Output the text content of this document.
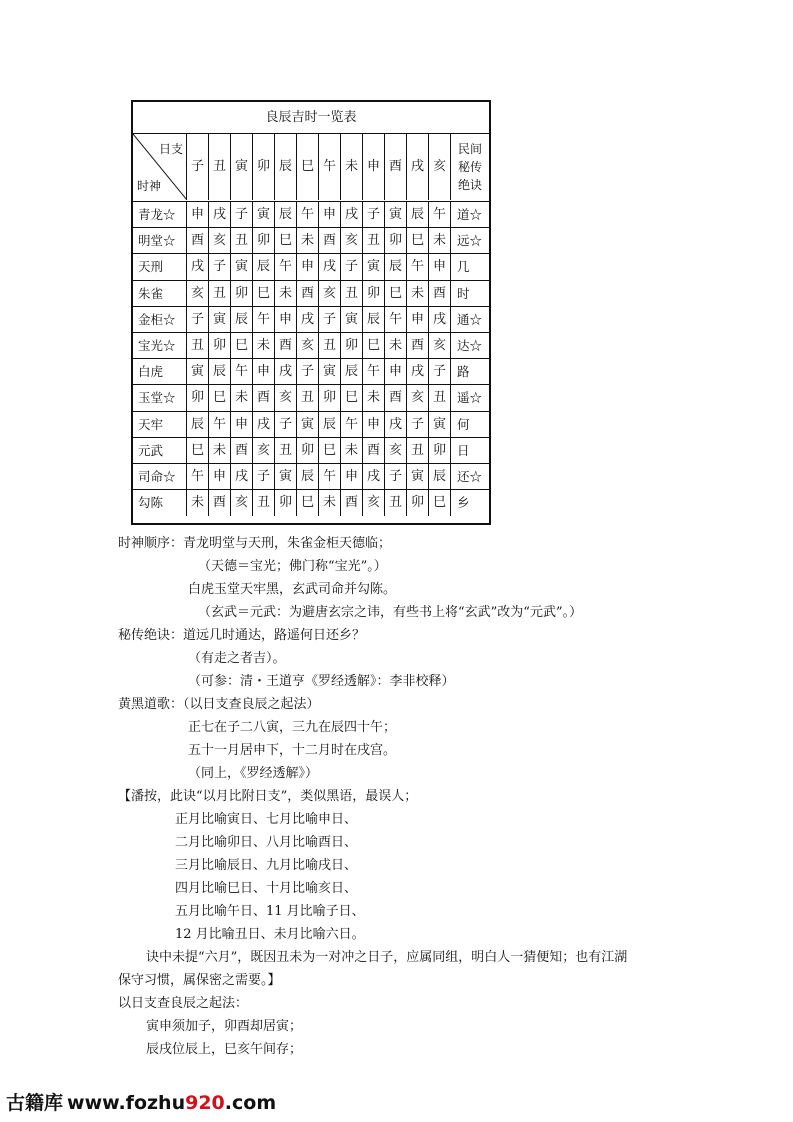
良辰吉时一览表
日支
时神
子 丑 寅 卯 辰 巳 午 未 申 酉 戌 亥
民间
秘传
绝诀
青龙☆	申 戌 子 寅 辰 午 申 戌 子 寅 辰 午 道☆
明堂☆	酉 亥 丑 卯 巳 未 酉 亥 丑 卯 巳 未 远☆
天刑	戌 子 寅 辰 午 申 戌 子 寅 辰 午 申 几
朱雀	亥 丑 卯 巳 未 酉 亥 丑 卯 巳 未 酉 时
金柜☆	子 寅 辰 午 申 戌 子 寅 辰 午 申 戌 通☆
宝光☆	丑 卯 巳 未 酉 亥 丑 卯 巳 未 酉 亥 达☆
白虎	寅 辰 午 申 戌 子 寅 辰 午 申 戌 子 路
玉堂☆	卯 巳 未 酉 亥 丑 卯 巳 未 酉 亥 丑 遥☆
天牢	辰 午 申 戌 子 寅 辰 午 申 戌 子 寅 何
元武	巳 未 酉 亥 丑 卯 巳 未 酉 亥 丑 卯 日
司命☆	午 申 戌 子 寅 辰 午 申 戌 子 寅 辰 还☆
勾陈	未 酉 亥 丑 卯 巳 未 酉 亥 丑 卯 巳 乡
时神顺序：青龙明堂与天刑，朱雀金柜天德临；
（天德＝宝光；佛门称“宝光”。）
白虎玉堂天牢黑，玄武司命并勾陈。
（玄武＝元武：为避唐玄宗之讳，有些书上将“玄武”改为“元武”。）
秘传绝诀：道远几时通达，路遥何日还乡？
（有走之者吉）。
（可参：清・王道亨《罗经透解》：李非校释）
黄黑道歌：（以日支查良辰之起法）
正七在子二八寅，三九在辰四十午；
五十一月居申下，十二月时在戌宫。
（同上，《罗经透解》）
【潘按，此诀“以月比附日支”，类似黑语，最误人；
正月比喻寅日、七月比喻申日、
二月比喻卯日、八月比喻酉日、
三月比喻辰日、九月比喻戌日、
四月比喻巳日、十月比喻亥日、
五月比喻午日、11 月比喻子日、
12 月比喻丑日、未月比喻六日。
诀中未提“六月”，既因丑未为一对冲之日子，应属同组，明白人一猜便知；也有江湖
保守习惯，属保密之需要。】
以日支查良辰之起法：
寅申须加子，卯酉却居寅；
辰戌位辰上，巳亥午间存；
古籍库 www.fozhu920.com
